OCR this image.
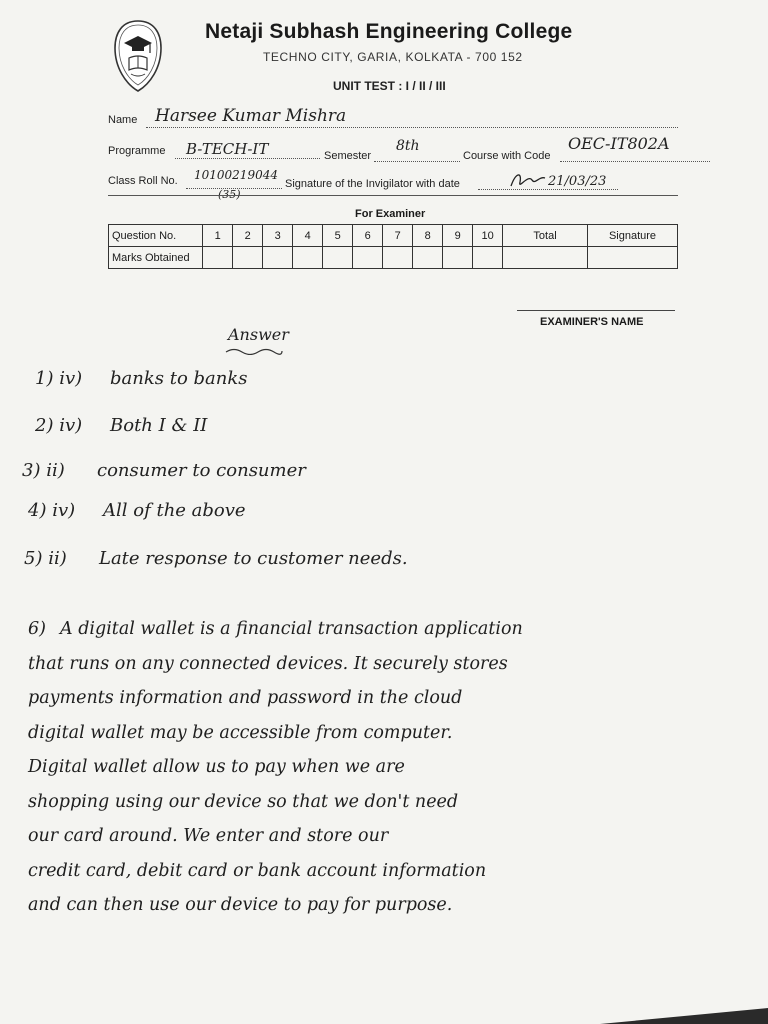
Netaji Subhash Engineering College
TECHNO CITY, GARIA, KOLKATA - 700 152
UNIT TEST : I / II / III
Name Harsee Kumar Mishra
Programme B-TECH-IT	Semester
8th
Course with Code
OEC-IT802A
Class Roll No. 10100219044
(35)
Signature of the Invigilator with date	21/03/23
For Examiner
Question No.	1	2	3	4	5	6	7	8	9	10	Total	Signature
Marks Obtained												
EXAMINER'S NAME
Answer
1) iv) banks to banks
2) iv) Both I & II
3) ii) consumer to consumer
4) iv) All of the above
5) ii) Late response to customer needs.
6) A digital wallet is a financial transaction application
that runs on any connected devices. It securely stores
payments information and password in the cloud
digital wallet may be accessible from computer.
Digital wallet allow us to pay when we are
shopping using our device so that we don't need
our card around. We enter and store our
credit card, debit card or bank account information
and can then use our device to pay for purpose.
